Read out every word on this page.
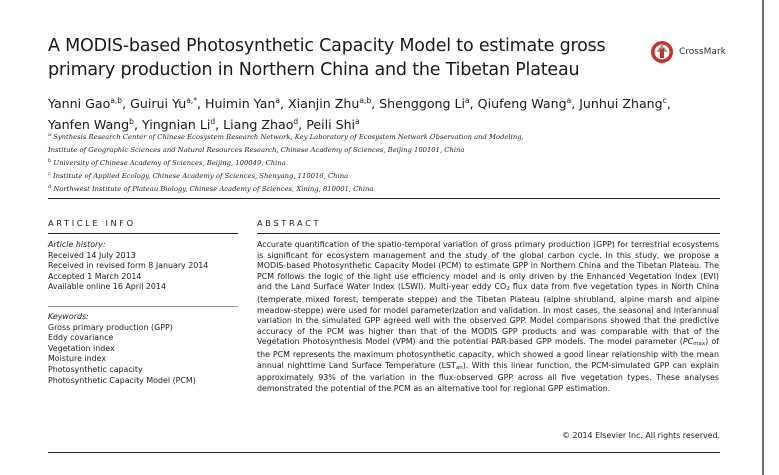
A MODIS-based Photosynthetic Capacity Model to estimate gross
primary production in Northern China and the Tibetan Plateau
CrossMark
Yanni Gao$^{a,b}$, Guirui $Yu^{a,*}$, Huimin Yan$^a$, Xianjin Zhu$^{a,b}$, Shenggong Li$^a$, Qiufeng Wang$^a$, Junhui Zhang$^c$,
Yanfen Wang$^b$, Yingnian Li$^d$, Liang Zhao$^d$, Peili Shi$^a$
$^a$ Synthesis Research Center of Chinese Ecosystem Research Network, Key Laboratory of Ecosystem Network Observation and Modeling,
Institute of Geographic Sciences and Natural Resources Research, Chinese Academy of Sciences, Beijing 100101, China
$^b$ University of Chinese Academy of Sciences, Beijing, 100049, China
$^c$ Institute of Applied Ecology, Chinese Academy of Sciences, Shenyang, 110016, China
$^d$ Northwest Institute of Plateau Biology, Chinese Academy of Sciences, Xining, 810001, China
ARTICLE INFO	ABSTRACT
Article history:
Received 14 July 2013
Received in revised form 8 January 2014
Accepted 1 March 2014
Available online 16 April 2014
Keywords:
Gross primary production (GPP)
Eddy covariance
Vegetation index
Moisture index
Photosynthetic capacity
Photosynthetic Capacity Model (PCM)
Accurate quantification of the spatio-temporal variation of gross primary production (GPP) for terrestrial ecosystems is significant for ecosystem management and the study of the global carbon cycle. In this study, we propose a MODIS-based Photosynthetic Capacity Model (PCM) to estimate GPP in Northern China and the Tibetan Plateau. The PCM follows the logic of the light use efficiency model and is only driven by the Enhanced Vegetation Index (EVI) and the Land Surface Water Index (LSWI). Multi-year eddy $CO_2$ flux data from five vegetation types in North China (temperate mixed forest, temperate steppe) and the Tibetan Plateau (alpine shrubland, alpine marsh and alpine meadow-steppe) were used for model parameterization and validation. In most cases, the seasonal and interannual variation in the simulated GPP agreed well with the observed GPP. Model comparisons showed that the predictive accuracy of the PCM was higher than that of the MODIS GPP products and was comparable with that of the Vegetation Photosynthesis Model (VPM) and the potential PAR-based GPP models. The model parameter $(PC_{max})$ of the PCM represents the maximum photosynthetic capacity, which showed a good linear relationship with the mean annual nighttime Land Surface Temperature $(LST_{an})$. With this linear function, the PCM-simulated GPP can explain approximately 93% of the variation in the flux-observed GPP across all five vegetation types. These analyses demonstrated the potential of the PCM as an alternative tool for regional GPP estimation.
© 2014 Elsevier Inc. All rights reserved.
